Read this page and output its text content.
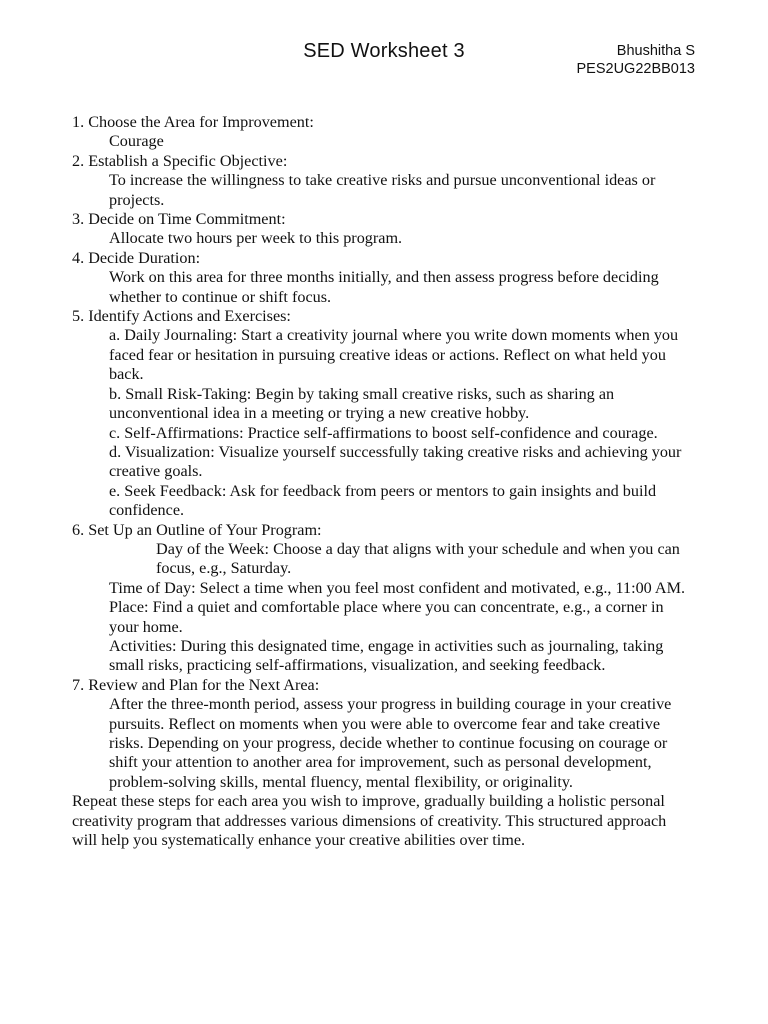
SED Worksheet 3	Bhushitha S
PES2UG22BB013

1. Choose the Area for Improvement:

Courage

2. Establish a Specific Objective:

To increase the willingness to take creative risks and pursue unconventional ideas or projects.

3. Decide on Time Commitment:

Allocate two hours per week to this program.

4. Decide Duration:

Work on this area for three months initially, and then assess progress before deciding whether to continue or shift focus.

5. Identify Actions and Exercises:

a. Daily Journaling: Start a creativity journal where you write down moments when you faced fear or hesitation in pursuing creative ideas or actions. Reflect on what held you back.

b. Small Risk-Taking: Begin by taking small creative risks, such as sharing an unconventional idea in a meeting or trying a new creative hobby.

c. Self-Affirmations: Practice self-affirmations to boost self-confidence and courage.

d. Visualization: Visualize yourself successfully taking creative risks and achieving your creative goals.

e. Seek Feedback: Ask for feedback from peers or mentors to gain insights and build confidence.

6. Set Up an Outline of Your Program:

Day of the Week: Choose a day that aligns with your schedule and when you can focus, e.g., Saturday.

Time of Day: Select a time when you feel most confident and motivated, e.g., 11:00 AM.

Place: Find a quiet and comfortable place where you can concentrate, e.g., a corner in your home.

Activities: During this designated time, engage in activities such as journaling, taking small risks, practicing self-affirmations, visualization, and seeking feedback.

7. Review and Plan for the Next Area:

After the three-month period, assess your progress in building courage in your creative pursuits. Reflect on moments when you were able to overcome fear and take creative risks. Depending on your progress, decide whether to continue focusing on courage or shift your attention to another area for improvement, such as personal development, problem-solving skills, mental fluency, mental flexibility, or originality.

Repeat these steps for each area you wish to improve, gradually building a holistic personal creativity program that addresses various dimensions of creativity. This structured approach will help you systematically enhance your creative abilities over time.
